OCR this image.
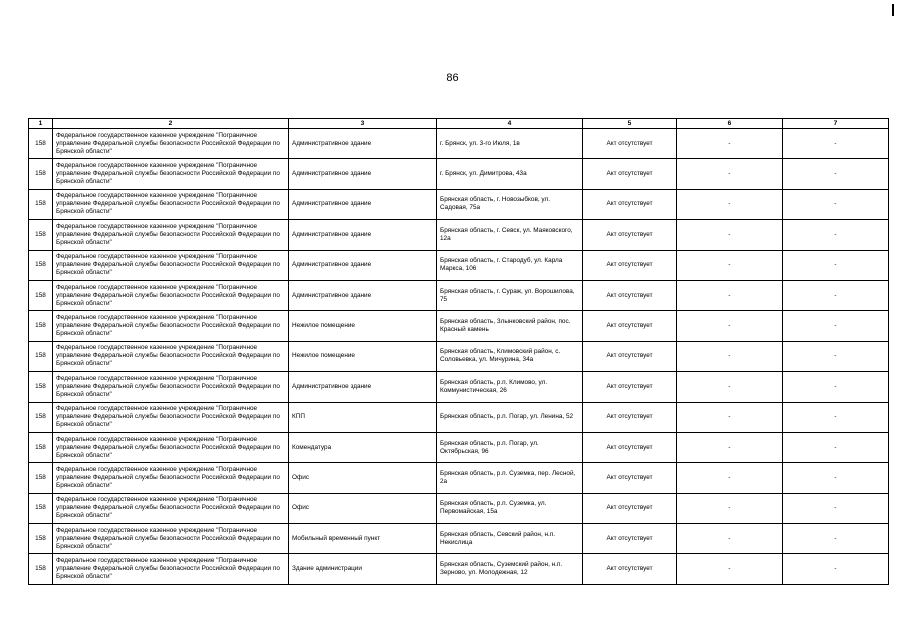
86
1	2	3	4	5	6	7
158	Федеральное государственное казенное учреждение "Пограничное управление Федеральной службы безопасности Российской Федерации по Брянской области"	Административное здание	г. Брянск, ул. 3-го Июля, 1в	Акт отсутствует	-	-
158	Федеральное государственное казенное учреждение "Пограничное управление Федеральной службы безопасности Российской Федерации по Брянской области"	Административное здание	г. Брянск, ул. Димитрова, 43а	Акт отсутствует	-	-
158	Федеральное государственное казенное учреждение "Пограничное управление Федеральной службы безопасности Российской Федерации по Брянской области"	Административное здание	Брянская область, г. Новозыбков, ул. Садовая, 75а	Акт отсутствует	-	-
158	Федеральное государственное казенное учреждение "Пограничное управление Федеральной службы безопасности Российской Федерации по Брянской области"	Административное здание	Брянская область, г. Севск, ул. Маяковского, 12а	Акт отсутствует	-	-
158	Федеральное государственное казенное учреждение "Пограничное управление Федеральной службы безопасности Российской Федерации по Брянской области"	Административное здание	Брянская область, г. Стародуб, ул. Карла Маркса, 106	Акт отсутствует	-	-
158	Федеральное государственное казенное учреждение "Пограничное управление Федеральной службы безопасности Российской Федерации по Брянской области"	Административное здание	Брянская область, г. Сураж, ул. Ворошилова, 75	Акт отсутствует	-	-
158	Федеральное государственное казенное учреждение "Пограничное управление Федеральной службы безопасности Российской Федерации по Брянской области"	Нежилое помещение	Брянская область, Злынковский район, пос. Красный камень	Акт отсутствует	-	-
158	Федеральное государственное казенное учреждение "Пограничное управление Федеральной службы безопасности Российской Федерации по Брянской области"	Нежилое помещение	Брянская область, Климовский район, с. Соловьевка, ул. Мичурина, 34а	Акт отсутствует	-	-
158	Федеральное государственное казенное учреждение "Пограничное управление Федеральной службы безопасности Российской Федерации по Брянской области"	Административное здание	Брянская область, р.п. Климово, ул. Коммунистическая, 26	Акт отсутствует	-	-
158	Федеральное государственное казенное учреждение "Пограничное управление Федеральной службы безопасности Российской Федерации по Брянской области"	КПП	Брянская область, р.п. Погар, ул. Ленина, 52	Акт отсутствует	-	-
158	Федеральное государственное казенное учреждение "Пограничное управление Федеральной службы безопасности Российской Федерации по Брянской области"	Комендатура	Брянская область, р.п. Погар, ул. Октябрьская, 96	Акт отсутствует	-	-
158	Федеральное государственное казенное учреждение "Пограничное управление Федеральной службы безопасности Российской Федерации по Брянской области"	Офис	Брянская область, р.п. Суземка, пер. Лесной, 2а	Акт отсутствует	-	-
158	Федеральное государственное казенное учреждение "Пограничное управление Федеральной службы безопасности Российской Федерации по Брянской области"	Офис	Брянская область, р.п. Суземка, ул. Первомайская, 15а	Акт отсутствует	-	-
158	Федеральное государственное казенное учреждение "Пограничное управление Федеральной службы безопасности Российской Федерации по Брянской области"	Мобильный временный пункт	Брянская область, Севский район, н.п. Некислица	Акт отсутствует	-	-
158	Федеральное государственное казенное учреждение "Пограничное управление Федеральной службы безопасности Российской Федерации по Брянской области"	Здание администрации	Брянская область, Суземский район, н.п. Зерново, ул. Молодежная, 12	Акт отсутствует	-	-
